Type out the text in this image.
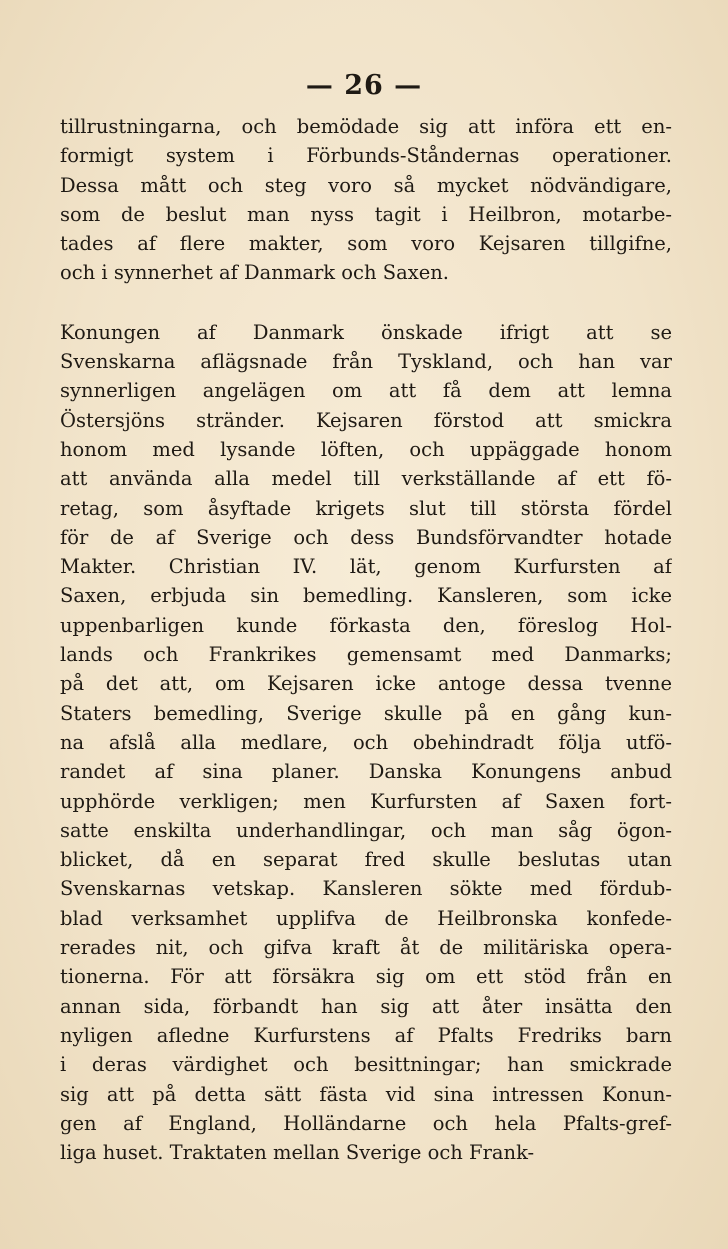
— 26 —
tillrustningarna, och bemödade sig att införa ett en-
formigt system i Förbunds-Ståndernas operationer.
Dessa mått och steg voro så mycket nödvändigare,
som de beslut man nyss tagit i Heilbron, motarbe-
tades af flere makter, som voro Kejsaren tillgifne,
och i synnerhet af Danmark och Saxen.
Konungen af Danmark önskade ifrigt att se
Svenskarna aflägsnade från Tyskland, och han var
synnerligen angelägen om att få dem att lemna
Östersjöns stränder. Kejsaren förstod att smickra
honom med lysande löften, och uppäggade honom
att använda alla medel till verkställande af ett fö-
retag, som åsyftade krigets slut till största fördel
för de af Sverige och dess Bundsförvandter hotade
Makter. Christian IV. lät, genom Kurfursten af
Saxen, erbjuda sin bemedling. Kansleren, som icke
uppenbarligen kunde förkasta den, föreslog Hol-
lands och Frankrikes gemensamt med Danmarks;
på det att, om Kejsaren icke antoge dessa tvenne
Staters bemedling, Sverige skulle på en gång kun-
na afslå alla medlare, och obehindradt följa utfö-
randet af sina planer. Danska Konungens anbud
upphörde verkligen; men Kurfursten af Saxen fort-
satte enskilta underhandlingar, och man såg ögon-
blicket, då en separat fred skulle beslutas utan
Svenskarnas vetskap. Kansleren sökte med fördub-
blad verksamhet upplifva de Heilbronska konfede-
rerades nit, och gifva kraft åt de militäriska opera-
tionerna. För att försäkra sig om ett stöd från en
annan sida, förbandt han sig att åter insätta den
nyligen afledne Kurfurstens af Pfalts Fredriks barn
i deras värdighet och besittningar; han smickrade
sig att på detta sätt fästa vid sina intressen Konun-
gen af England, Holländarne och hela Pfalts-gref-
liga huset. Traktaten mellan Sverige och Frank-
